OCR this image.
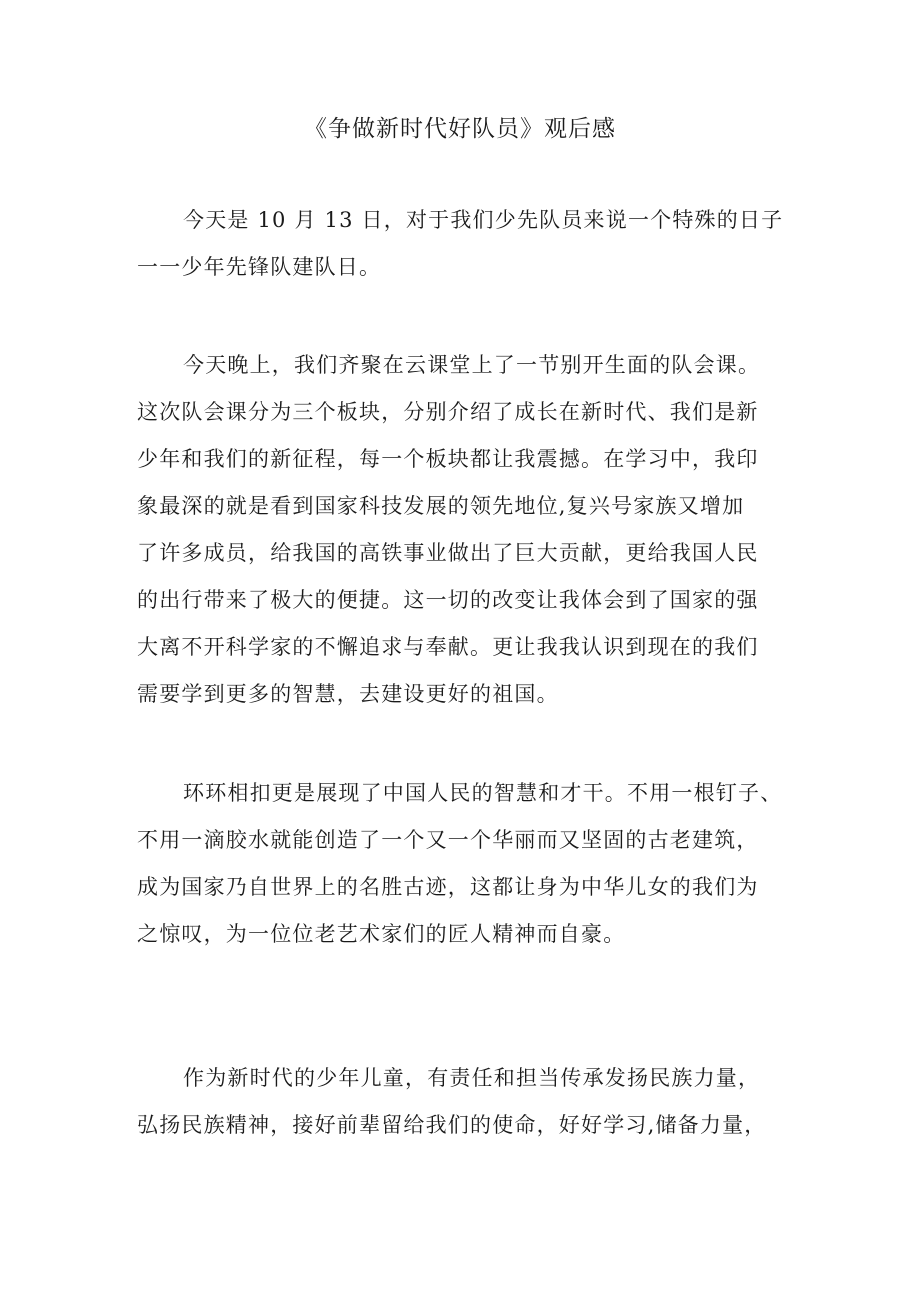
《争做新时代好队员》观后感
今天是 10 月 13 日，对于我们少先队员来说一个特殊的日子
一一少年先锋队建队日。
今天晚上，我们齐聚在云课堂上了一节别开生面的队会课。
这次队会课分为三个板块，分别介绍了成长在新时代、我们是新
少年和我们的新征程，每一个板块都让我震撼。在学习中，我印
象最深的就是看到国家科技发展的领先地位,复兴号家族又增加
了许多成员，给我国的高铁事业做出了巨大贡献，更给我国人民
的出行带来了极大的便捷。这一切的改变让我体会到了国家的强
大离不开科学家的不懈追求与奉献。更让我我认识到现在的我们
需要学到更多的智慧，去建设更好的祖国。
环环相扣更是展现了中国人民的智慧和才干。不用一根钉子、
不用一滴胶水就能创造了一个又一个华丽而又坚固的古老建筑，
成为国家乃自世界上的名胜古迹，这都让身为中华儿女的我们为
之惊叹，为一位位老艺术家们的匠人精神而自豪。
作为新时代的少年儿童，有责任和担当传承发扬民族力量，
弘扬民族精神，接好前辈留给我们的使命，好好学习,储备力量，
